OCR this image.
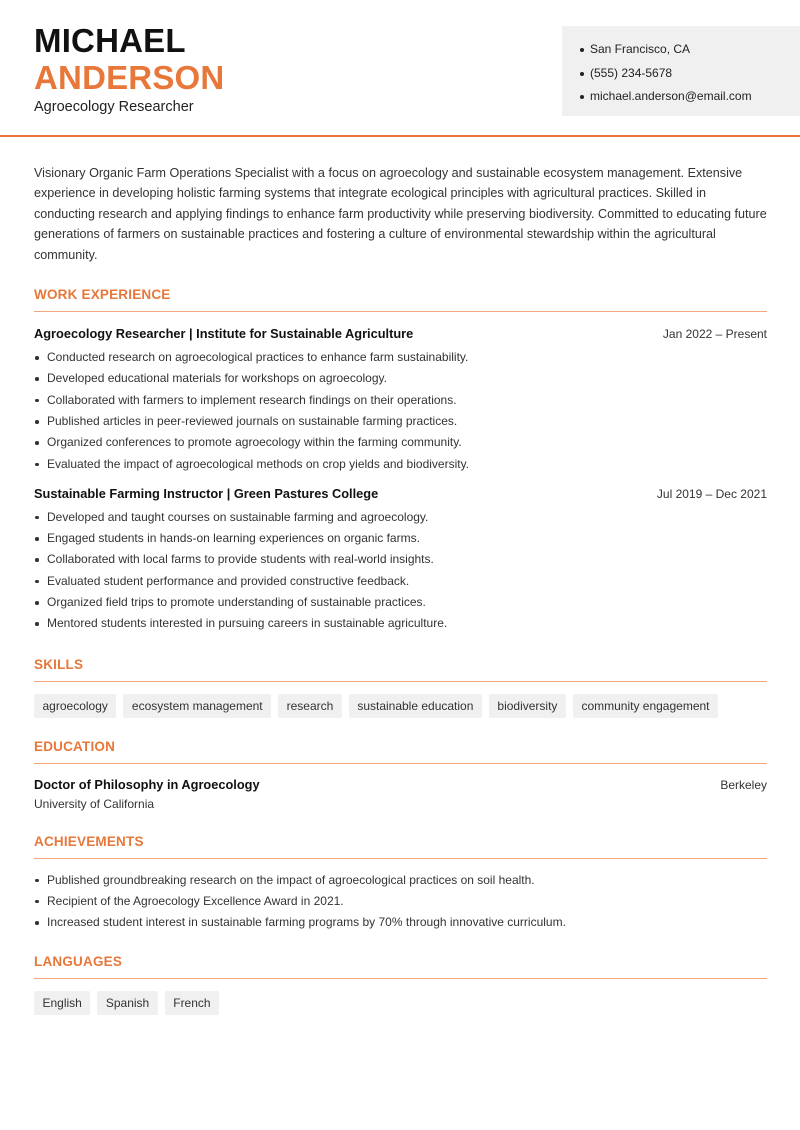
MICHAEL
ANDERSON
Agroecology Researcher
San Francisco, CA
(555) 234-5678
michael.anderson@email.com

Visionary Organic Farm Operations Specialist with a focus on agroecology and sustainable ecosystem management. Extensive experience in developing holistic farming systems that integrate ecological principles with agricultural practices. Skilled in conducting research and applying findings to enhance farm productivity while preserving biodiversity. Committed to educating future generations of farmers on sustainable practices and fostering a culture of environmental stewardship within the agricultural community.

WORK EXPERIENCE
Agroecology Researcher | Institute for Sustainable Agriculture	Jan 2022 – Present
Conducted research on agroecological practices to enhance farm sustainability.
Developed educational materials for workshops on agroecology.
Collaborated with farmers to implement research findings on their operations.
Published articles in peer-reviewed journals on sustainable farming practices.
Organized conferences to promote agroecology within the farming community.
Evaluated the impact of agroecological methods on crop yields and biodiversity.
Sustainable Farming Instructor | Green Pastures College	Jul 2019 – Dec 2021
Developed and taught courses on sustainable farming and agroecology.
Engaged students in hands-on learning experiences on organic farms.
Collaborated with local farms to provide students with real-world insights.
Evaluated student performance and provided constructive feedback.
Organized field trips to promote understanding of sustainable practices.
Mentored students interested in pursuing careers in sustainable agriculture.
SKILLS
agroecology	ecosystem management	research	sustainable education	biodiversity	community engagement
EDUCATION
Doctor of Philosophy in Agroecology	Berkeley
University of California
ACHIEVEMENTS
Published groundbreaking research on the impact of agroecological practices on soil health.
Recipient of the Agroecology Excellence Award in 2021.
Increased student interest in sustainable farming programs by 70% through innovative curriculum.
LANGUAGES
English	Spanish	French
